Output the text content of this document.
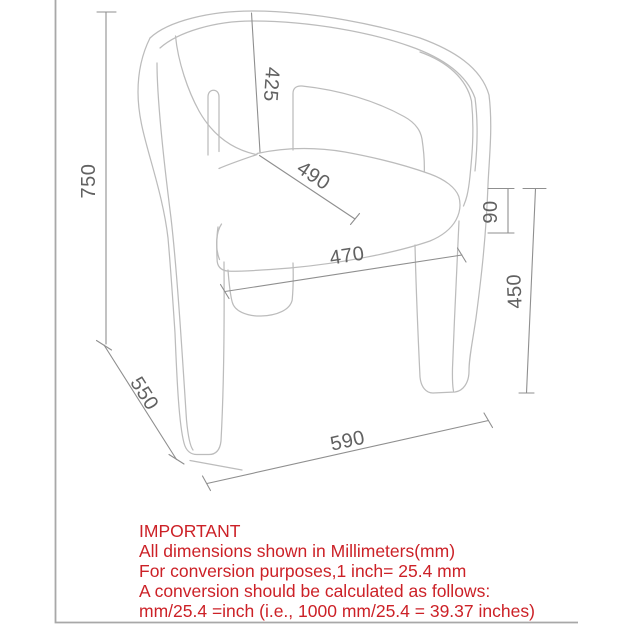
750
425
490
470
90
450
550
590
IMPORTANT
All dimensions shown in Millimeters(mm)
For conversion purposes,1 inch= 25.4 mm
A conversion should be calculated as follows:
mm/25.4 =inch (i.e., 1000 mm/25.4 = 39.37 inches)
